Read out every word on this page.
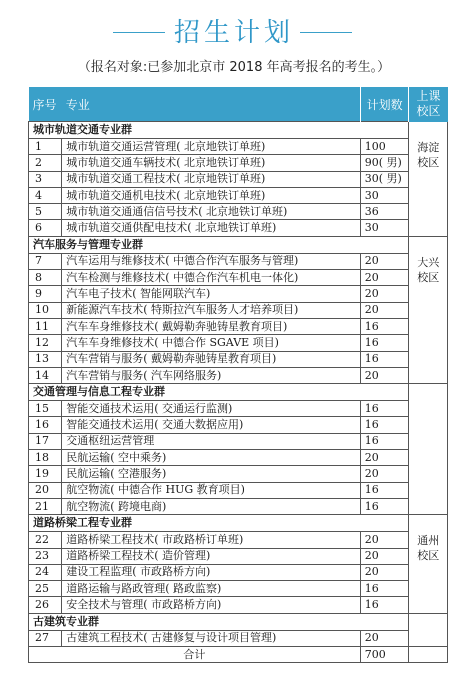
招生计划
（报名对象:已参加北京市 2018 年高考报名的考生。）
序号	专业	计划数	上课校区
城市轨道交通专业群			海淀校区
1	城市轨道交通运营管理( 北京地铁订单班)	100	
2	城市轨道交通车辆技术( 北京地铁订单班)	90( 男)	
3	城市轨道交通工程技术( 北京地铁订单班)	30( 男)	
4	城市轨道交通机电技术( 北京地铁订单班)	30	
5	城市轨道交通通信信号技术( 北京地铁订单班)	36	
6	城市轨道交通供配电技术( 北京地铁订单班)	30	
汽车服务与管理专业群			大兴校区
7	汽车运用与维修技术( 中德合作汽车服务与管理)	20	
8	汽车检测与维修技术( 中德合作汽车机电一体化)	20	
9	汽车电子技术( 智能网联汽车)	20	
10	新能源汽车技术( 特斯拉汽车服务人才培养项目)	20	
11	汽车车身维修技术( 戴姆勒奔驰铸星教育项目)	16	
12	汽车车身维修技术( 中德合作 SGAVE 项目)	16	
13	汽车营销与服务( 戴姆勒奔驰铸星教育项目)	16	
14	汽车营销与服务( 汽车网络服务)	20	
交通管理与信息工程专业群			
15	智能交通技术运用( 交通运行监测)	16	
16	智能交通技术运用( 交通大数据应用)	16	
17	交通枢纽运营管理	16	
18	民航运输( 空中乘务)	20	
19	民航运输( 空港服务)	20	
20	航空物流( 中德合作 HUG 教育项目)	16	
21	航空物流( 跨境电商)	16	
道路桥梁工程专业群			通州校区
22	道路桥梁工程技术( 市政路桥订单班)	20	
23	道路桥梁工程技术( 造价管理)	20	
24	建设工程监理( 市政路桥方向)	20	
25	道路运输与路政管理( 路政监察)	16	
26	安全技术与管理( 市政路桥方向)	16	
古建筑专业群			
27	古建筑工程技术( 古建修复与设计项目管理)	20	
合计		700	
